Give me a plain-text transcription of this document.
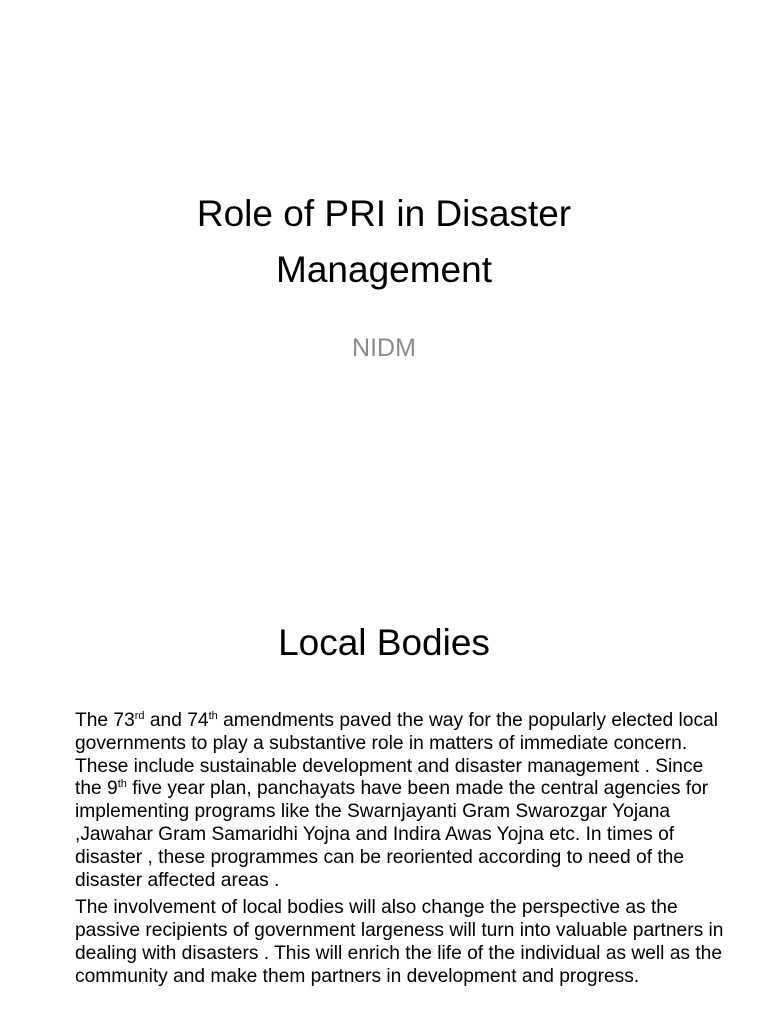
Role of PRI in Disaster
Management

NIDM

Local Bodies

The 73rd and 74th amendments paved the way for the popularly elected local governments to play a substantive role in matters of immediate concern. These include sustainable development and disaster management . Since the 9th five year plan, panchayats have been made the central agencies for implementing programs like the Swarnjayanti Gram Swarozgar Yojana ,Jawahar Gram Samaridhi Yojna and Indira Awas Yojna etc. In times of disaster , these programmes can be reoriented according to need of the disaster affected areas .

The involvement of local bodies will also change the perspective as the passive recipients of government largeness will turn into valuable partners in dealing with disasters . This will enrich the life of the individual as well as the community and make them partners in development and progress.
